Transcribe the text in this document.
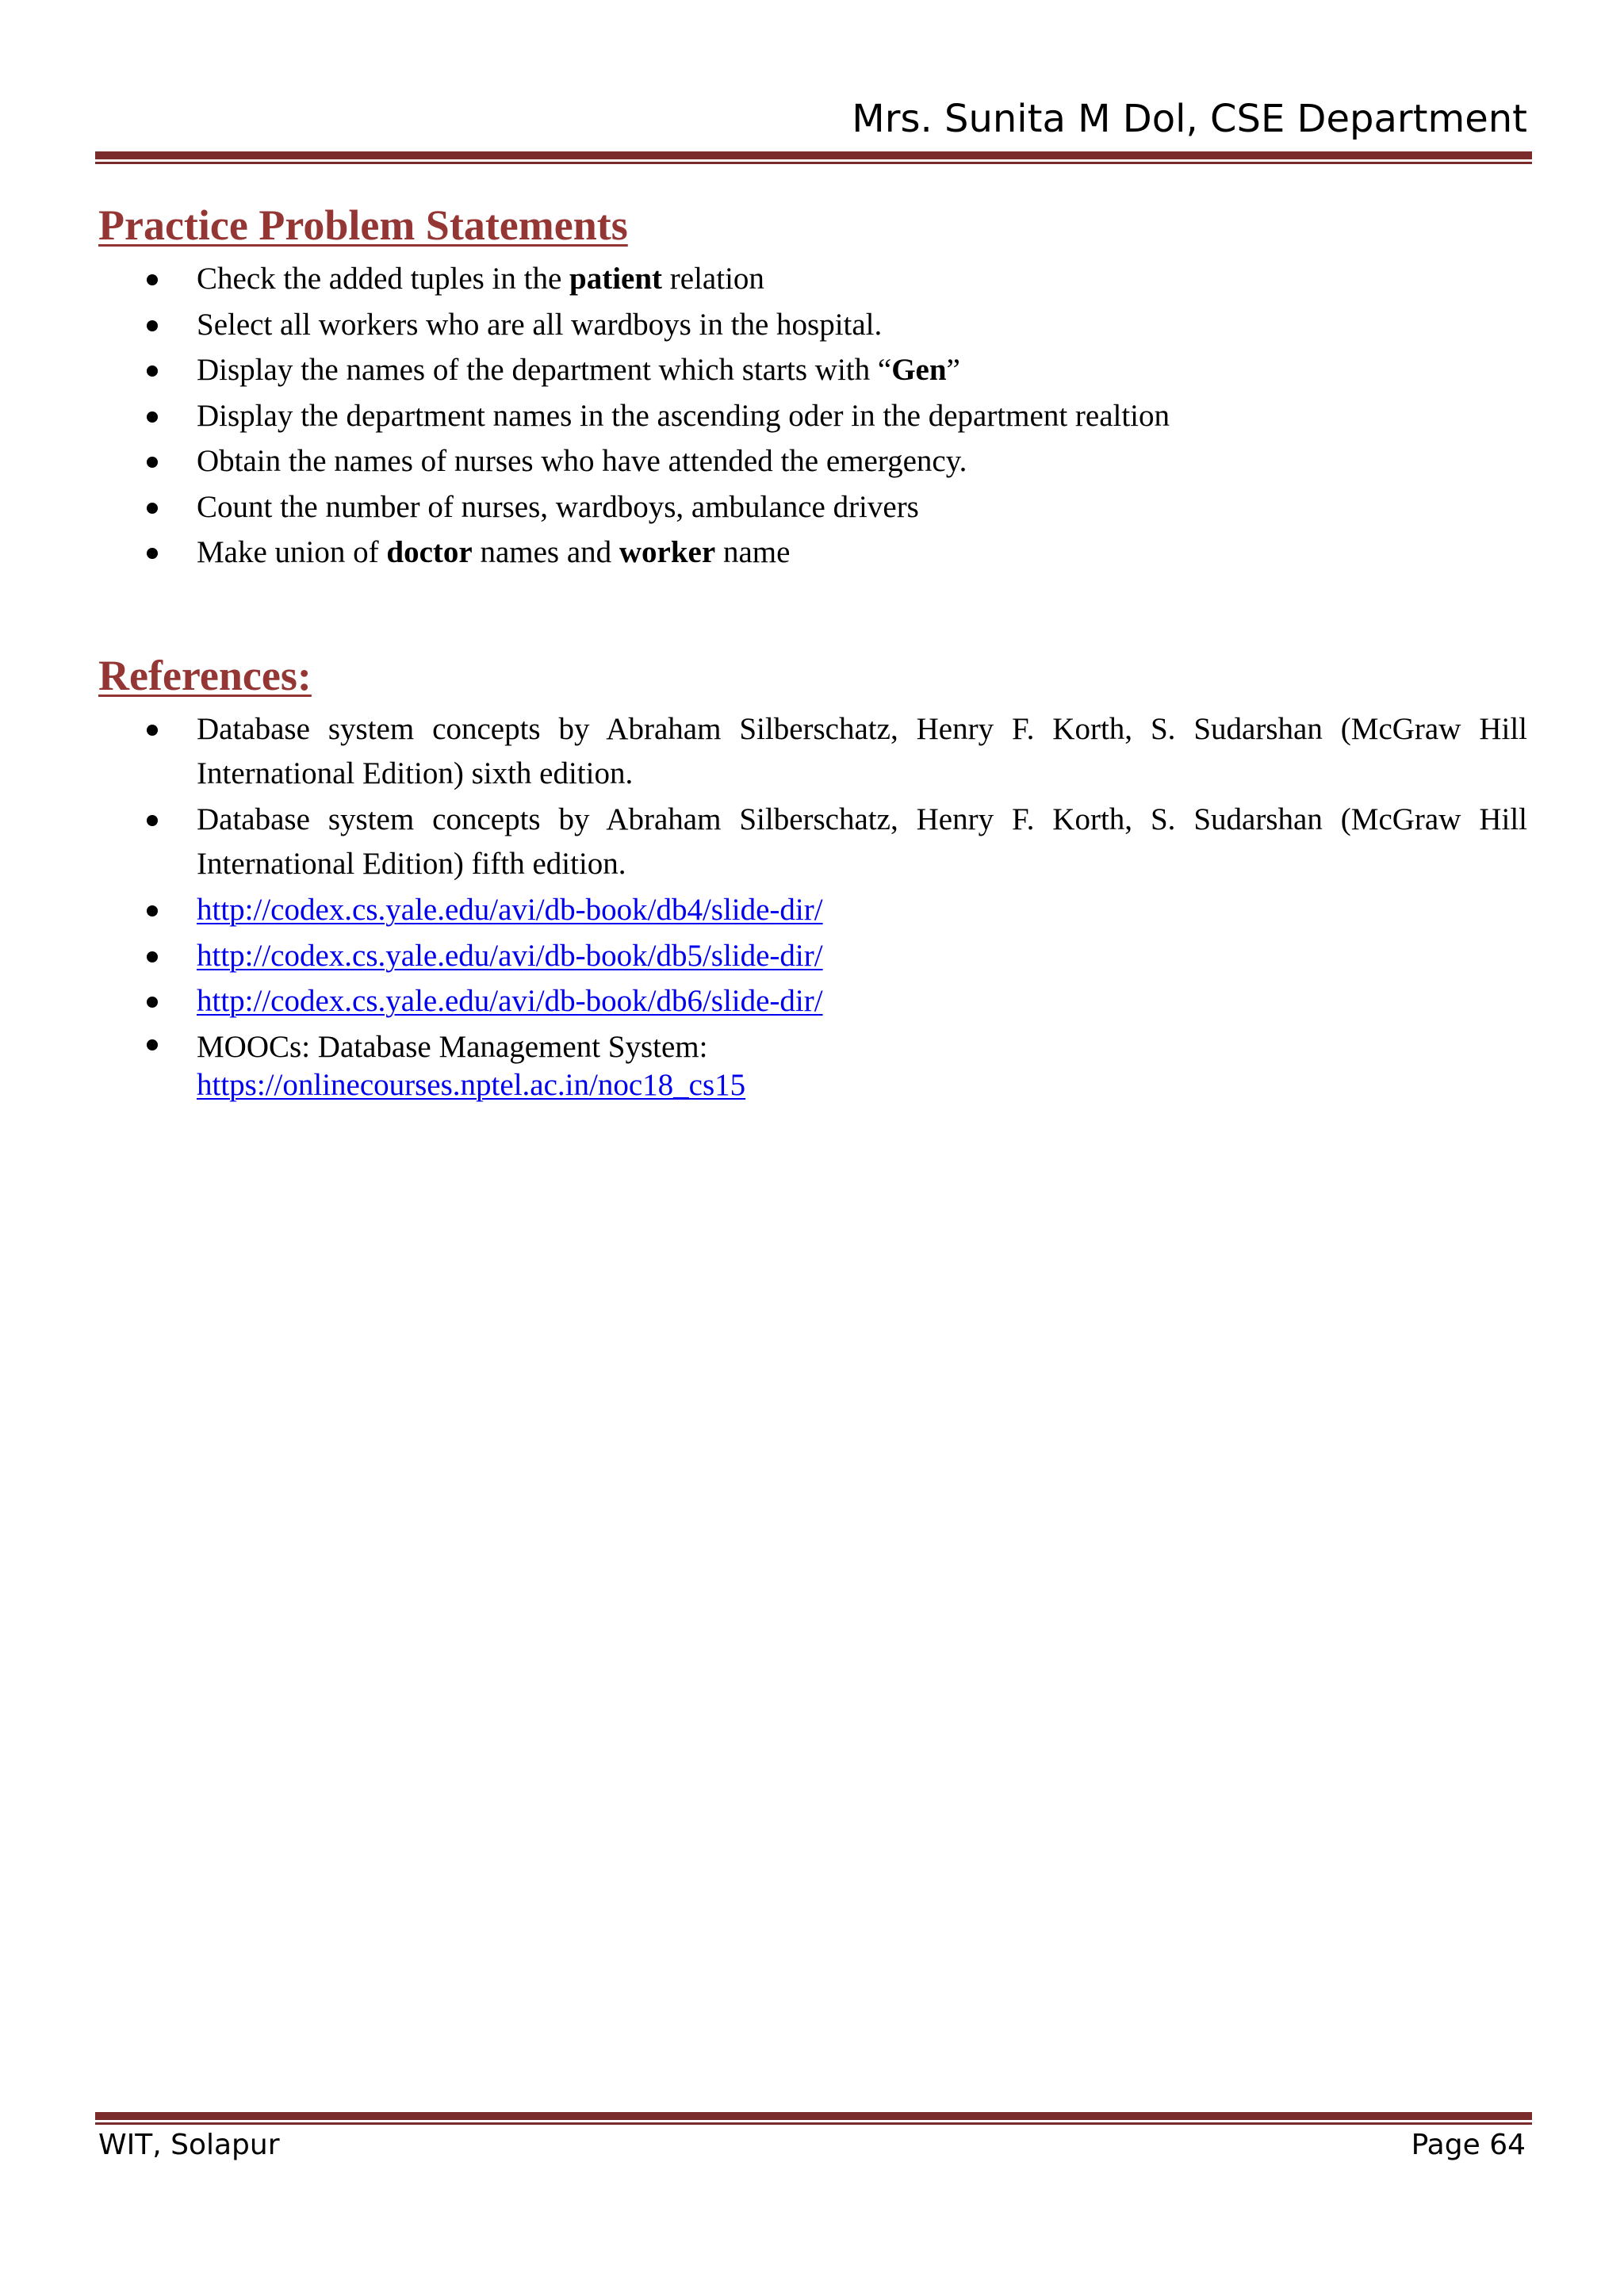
Mrs. Sunita M Dol, CSE Department
Practice Problem Statements
Check the added tuples in the patient relation
Select all workers who are all wardboys in the hospital.
Display the names of the department which starts with “Gen”
Display the department names in the ascending oder in the department realtion
Obtain the names of nurses who have attended the emergency.
Count the number of nurses, wardboys, ambulance drivers
Make union of doctor names and worker name
References:
Database system concepts by Abraham Silberschatz, Henry F. Korth, S. Sudarshan (McGraw Hill International Edition) sixth edition.
Database system concepts by Abraham Silberschatz, Henry F. Korth, S. Sudarshan (McGraw Hill International Edition) fifth edition.
http://codex.cs.yale.edu/avi/db-book/db4/slide-dir/
http://codex.cs.yale.edu/avi/db-book/db5/slide-dir/
http://codex.cs.yale.edu/avi/db-book/db6/slide-dir/
MOOCs: Database Management System:
https://onlinecourses.nptel.ac.in/noc18_cs15
WIT, Solapur	Page 64
